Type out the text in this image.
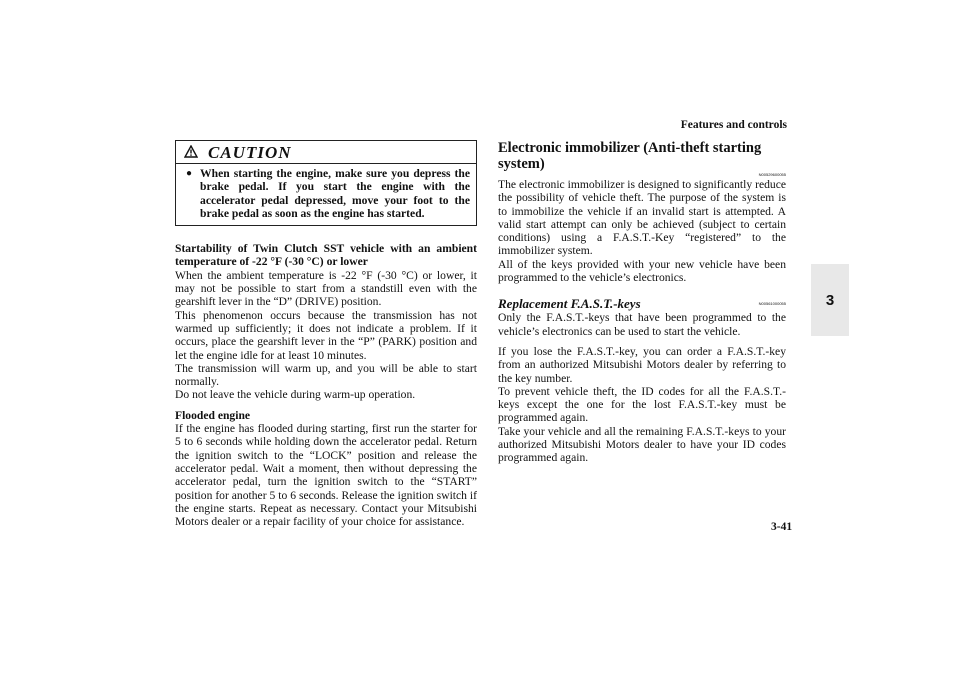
Features and controls
3
CAUTION
● When starting the engine, make sure you depress the brake pedal. If you start the engine with the accelerator pedal depressed, move your foot to the brake pedal as soon as the engine has started.

Startability of Twin Clutch SST vehicle with an ambient temperature of -22 °F (-30 °C) or lower

When the ambient temperature is -22 °F (-30 °C) or lower, it may not be possible to start from a standstill even with the gearshift lever in the “D” (DRIVE) position.

This phenomenon occurs because the transmission has not warmed up sufficiently; it does not indicate a problem. If it occurs, place the gearshift lever in the “P” (PARK) position and let the engine idle for at least 10 minutes.

The transmission will warm up, and you will be able to start normally.

Do not leave the vehicle during warm-up operation.

Flooded engine

If the engine has flooded during starting, first run the starter for 5 to 6 seconds while holding down the accelerator pedal. Return the ignition switch to the “LOCK” position and release the accelerator pedal. Wait a moment, then without depressing the accelerator pedal, turn the ignition switch to the “START” position for another 5 to 6 seconds. Release the ignition switch if the engine starts. Repeat as necessary. Contact your Mitsubishi Motors dealer or a repair facility of your choice for assistance.

Electronic immobilizer (Anti-theft starting system)
N00529600055

The electronic immobilizer is designed to significantly reduce the possibility of vehicle theft. The purpose of the system is to immobilize the vehicle if an invalid start is attempted. A valid start attempt can only be achieved (subject to certain conditions) using a F.A.S.T.-Key “registered” to the immobilizer system.

All of the keys provided with your new vehicle have been programmed to the vehicle’s electronics.

Replacement F.A.S.T.-keys	N00561000055

Only the F.A.S.T.-keys that have been programmed to the vehicle’s electronics can be used to start the vehicle.

If you lose the F.A.S.T.-key, you can order a F.A.S.T.-key from an authorized Mitsubishi Motors dealer by referring to the key number.

To prevent vehicle theft, the ID codes for all the F.A.S.T.-keys except the one for the lost F.A.S.T.-key must be programmed again.

Take your vehicle and all the remaining F.A.S.T.-keys to your authorized Mitsubishi Motors dealer to have your ID codes programmed again.

3-41
